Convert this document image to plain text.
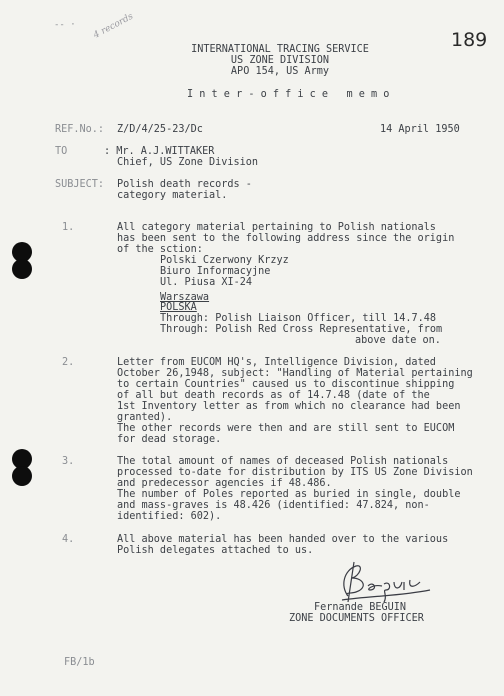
-- · 4 records	189
INTERNATIONAL TRACING SERVICE
US ZONE DIVISION
APO 154, US Army
I n t e r - o f f i c e   m e m o
REF.No.: Z/D/4/25-23/Dc	14 April 1950
TO	: Mr. A.J.WITTAKER
Chief, US Zone Division
SUBJECT: Polish death records -
category material.
1.	All category material pertaining to Polish nationals
has been sent to the following address since the origin
of the sction:
Polski Czerwony Krzyz
Biuro Informacyjne
Ul. Piusa XI-24
Warszawa
POLSKA
Through: Polish Liaison Officer, till 14.7.48
Through: Polish Red Cross Representative, from
above date on.
2.	Letter from EUCOM HQ's, Intelligence Division, dated
October 26,1948, subject: "Handling of Material pertaining
to certain Countries" caused us to discontinue shipping
of all but death records as of 14.7.48 (date of the
1st Inventory letter as from which no clearance had been
granted).
The other records were then and are still sent to EUCOM
for dead storage.
3.	The total amount of names of deceased Polish nationals
processed to-date for distribution by ITS US Zone Division
and predecessor agencies if 48.486.
The number of Poles reported as buried in single, double
and mass-graves is 48.426 (identified: 47.824, non-
identified: 602).
4.	All above material has been handed over to the various
Polish delegates attached to us.
Fernande BEGUIN
ZONE DOCUMENTS OFFICER
FB/1b
